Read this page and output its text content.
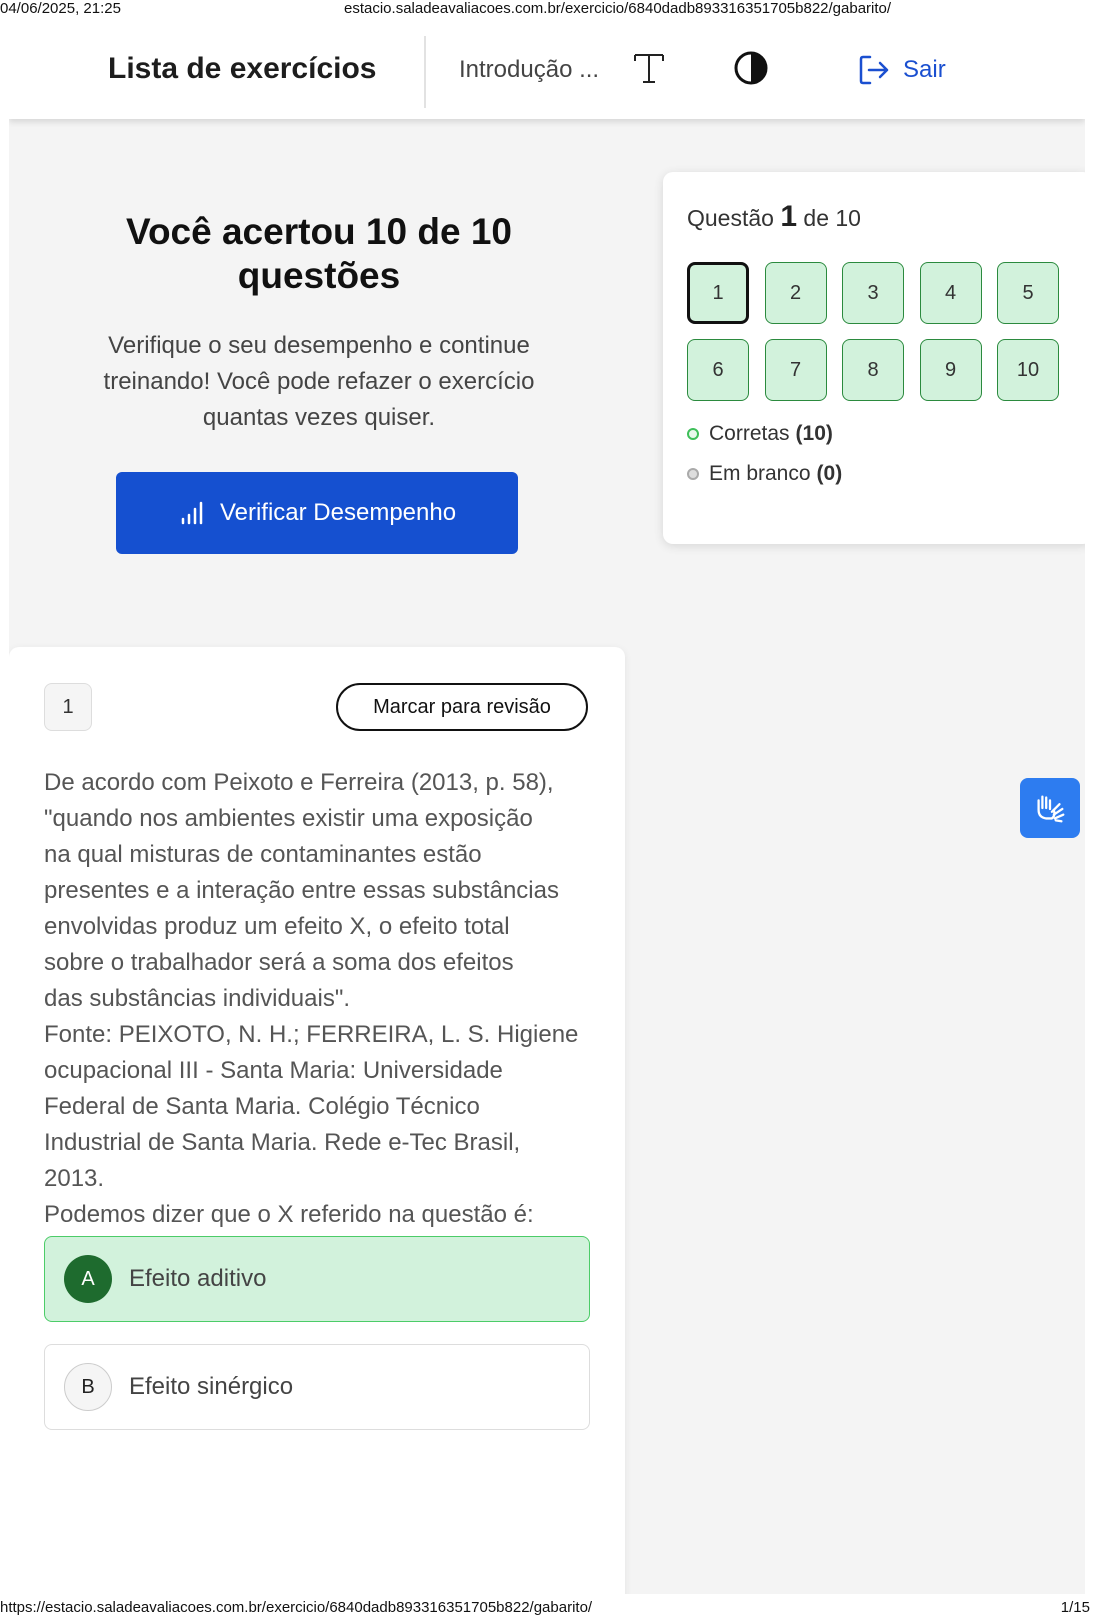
04/06/2025, 21:25	estacio.saladeavaliacoes.com.br/exercicio/6840dadb893316351705b822/gabarito/
Lista de exercícios	Introdução ...	Sair
Você acertou 10 de 10 questões

Verifique o seu desempenho e continue treinando! Você pode refazer o exercício quantas vezes quiser.

Verificar Desempenho
Questão 1 de 10
1	2	3	4	5
6	7	8	9	10
Corretas (10)
Em branco (0)
1	Marcar para revisão
De acordo com Peixoto e Ferreira (2013, p. 58),
"quando nos ambientes existir uma exposição
na qual misturas de contaminantes estão
presentes e a interação entre essas substâncias
envolvidas produz um efeito X, o efeito total
sobre o trabalhador será a soma dos efeitos
das substâncias individuais".
Fonte: PEIXOTO, N. H.; FERREIRA, L. S. Higiene
ocupacional III - Santa Maria: Universidade
Federal de Santa Maria. Colégio Técnico
Industrial de Santa Maria. Rede e-Tec Brasil,
2013.
Podemos dizer que o X referido na questão é:
A	Efeito aditivo
B	Efeito sinérgico
https://estacio.saladeavaliacoes.com.br/exercicio/6840dadb893316351705b822/gabarito/	1/15
